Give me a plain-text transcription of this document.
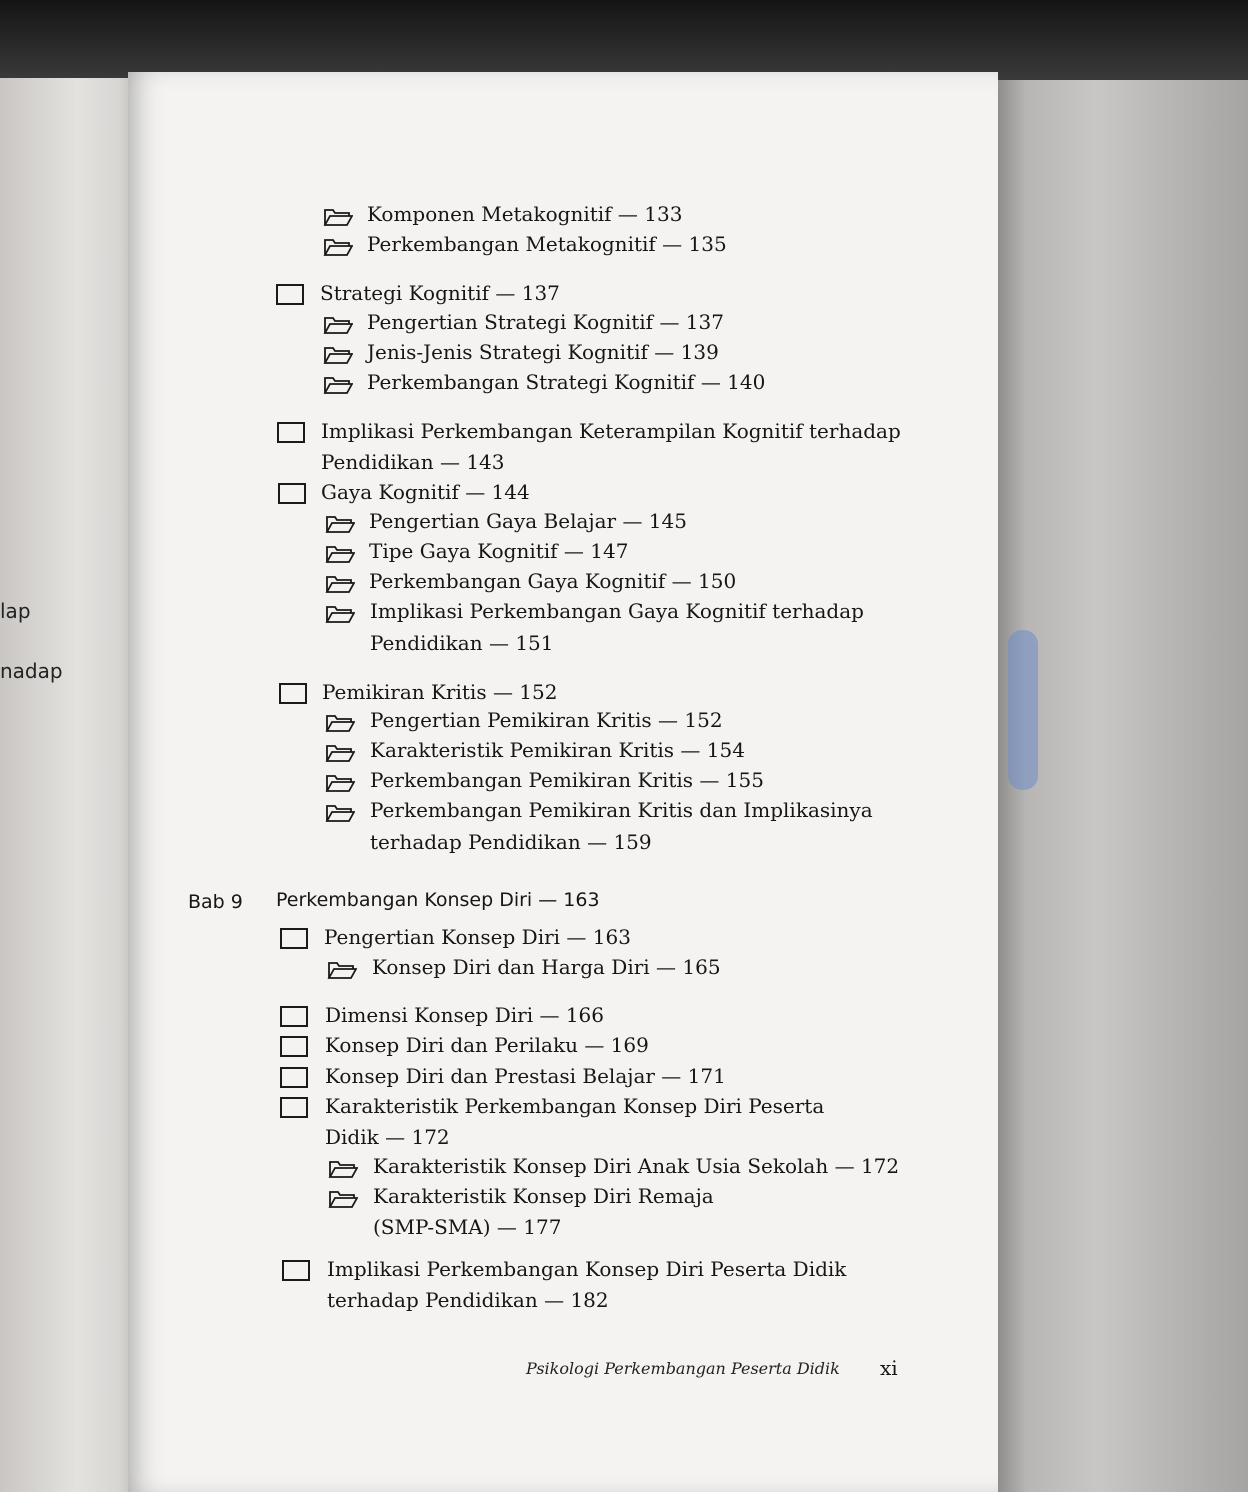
lap
nadap
Komponen Metakognitif — 133
Perkembangan Metakognitif — 135
Strategi Kognitif — 137
Pengertian Strategi Kognitif — 137
Jenis-Jenis Strategi Kognitif — 139
Perkembangan Strategi Kognitif — 140
Implikasi Perkembangan Keterampilan Kognitif terhadap
Pendidikan — 143
Gaya Kognitif — 144
Pengertian Gaya Belajar — 145
Tipe Gaya Kognitif — 147
Perkembangan Gaya Kognitif — 150
Implikasi Perkembangan Gaya Kognitif terhadap
Pendidikan — 151
Pemikiran Kritis — 152
Pengertian Pemikiran Kritis — 152
Karakteristik Pemikiran Kritis — 154
Perkembangan Pemikiran Kritis — 155
Perkembangan Pemikiran Kritis dan Implikasinya
terhadap Pendidikan — 159
Bab 9 Perkembangan Konsep Diri — 163
Pengertian Konsep Diri — 163
Konsep Diri dan Harga Diri — 165
Dimensi Konsep Diri — 166
Konsep Diri dan Perilaku — 169
Konsep Diri dan Prestasi Belajar — 171
Karakteristik Perkembangan Konsep Diri Peserta
Didik — 172
Karakteristik Konsep Diri Anak Usia Sekolah — 172
Karakteristik Konsep Diri Remaja
(SMP-SMA) — 177
Implikasi Perkembangan Konsep Diri Peserta Didik
terhadap Pendidikan — 182
Psikologi Perkembangan Peserta Didik xi
